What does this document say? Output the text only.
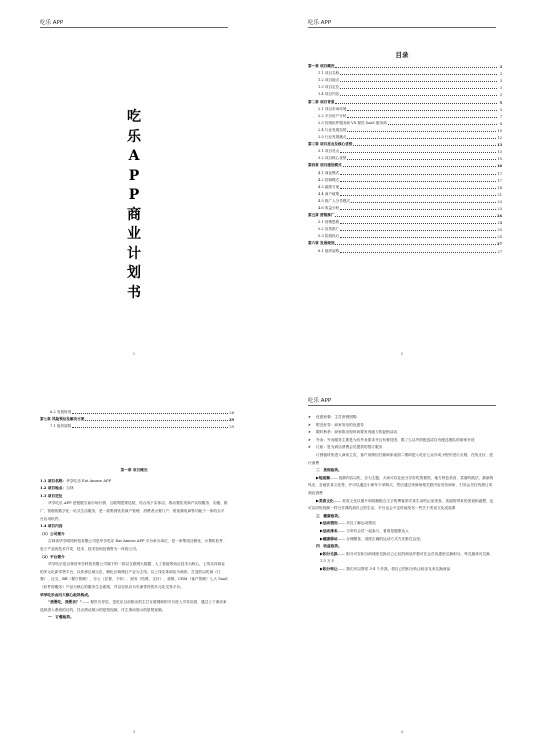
吃乐 APP
吃
乐
A
P
P
商
业
计
划
书
1
吃乐 APP
目录
第一章 项目概况	3
1.1 项目名称	3
1.2 项目地点	3
1.3 项目定位	3
1.4 项目内容	3
第二章 项目背景	5
2.1 项目市场环境	5
2.2 平台用户分析	7
2.3 传统软件服务商 VS 餐饮 SaaS 服务商	8
2.4 行业发展趋势	10
2.5 行业发展痛点	12
第三章 项目亮点及核心优势	13
3.1 项目亮点	13
3.2 项目核心优势	15
第四章 项目建设模式	16
4.1 商业模式	17
4.2 招商模式	17
4.3 融资方案	18
4.4 商户政策	21
4.5 推广人分享模式	23
4.6 收益分析	23
第五章 营销推广	24
5.1 营销思路	24
5.2 宣传推广	25
5.3 阶段执行	25
第六章 发展规划	27
6.1 组织架构	27
2
6.2 发展规划	28
第七章 风险预估及解决方案	29
7.1 组织架构	29

第一章 项目概况

1.1 项目名称：华享吃乐 Eat Amuse APP

1.2 项目地点：吉林

1.3 项目定位

华享吃乐 APP 是根据当前市场行情、互联网思维趋势，结合线下实体店，推动餐饮类商户实现服务、沟通、推广、管理的数字化一站式生活服务，是一款集餐饮类商户管理、消费者点餐门户、短视频电商等功能于一体的全平台应用软件。

1.4 项目内容

（1）公司简介

吉林省华享网络科技有限公司是华享吃乐 Eat Amuse APP 平台承办单位，是一家集项目孵化、计算机软件、电子产品的技术开发、技术、技术咨询及销售为一体的公司。

（2）平台简介

华享吃乐是吉林省华享科技有限公司旗下的一款以互联网大数据、人工智能等前沿技术为核心，上线实体商业的多元化新零售平台，以传承区域文化、孵化区域网红产业为主线，以上线实体商店为载体，打造的以吃商（订餐）、社交、BB（餐厅管理）、办公（在餐、下单）、财务（结算、支付）、营销、CRM（客户管理）七大 SaaS（软件即服务）产品为核心的服务生态系统，并以实体店为引流带货的多元化交易平台。

华享吃乐由四大核心板块构成。

“我要吃，我要乐？”—— 餐饮引导页，是吃乐目前推出的主打互联网职的平台进入引导页面，通过上下滑动来选择进入系统的目的，任点滑动展示的是短视频，任左滑动展示的是短视频。

一　订餐板块。

3
吃乐 APP
➤	优惠套餐：主打套餐团购
➤	附近好券：商家发布的优惠券
➤	限时秒杀：商家推出短时间要有诱惑力的促销活动
➤	外卖：外卖服务主要是为有外卖需求并且有餐员团、馍了么以外的配送或自有配送团队的商家开设
➤	订座：是为到店消费会员提供的预订服务

订餐板块所进入商家主页，客户用微信扫描商家桌面二维码进入吃乐公众号或小程序进行点餐，在线支付，进行消费

二　发现板块。

▶短视频—— 视频内容以吃、乐为主题，大家可以在此分享好吃的餐馆、地方特色美食、菜谱的做法、最新的风光、各地饮食文化等，并可以通过小黄车下单购买，然后通过该商场相关联内容发布商家，引导会员在线预订或到店消费

▶美食文化—— 美食文化以图片和视频配合文字的博客形式来生动的记录美食，美丽的带来的美视和惑想，也可以同短视频一样分享我的到自己的生活，平台也会不定时地发布一些关于美食文化成故事

三　健康板块。

▶运动情况—— 对比了解运动情况

▶运动排名—— 与所有会员一起参与，看谁是健康达人

▶健康驿站—— 合理膳食，适度正确的运动方式方法都在这里。

四　收益板块。

▶积分兑换—— 积分可在积分商城里兑换自己心仪的商品并数可在会员优惠里兑换积分，每兑最高可兑换 1.5 万卡

▶积分转让—— 我们可以帮你 3-4 个多我，将自己的积分转让给亲友来兑换商品

4
